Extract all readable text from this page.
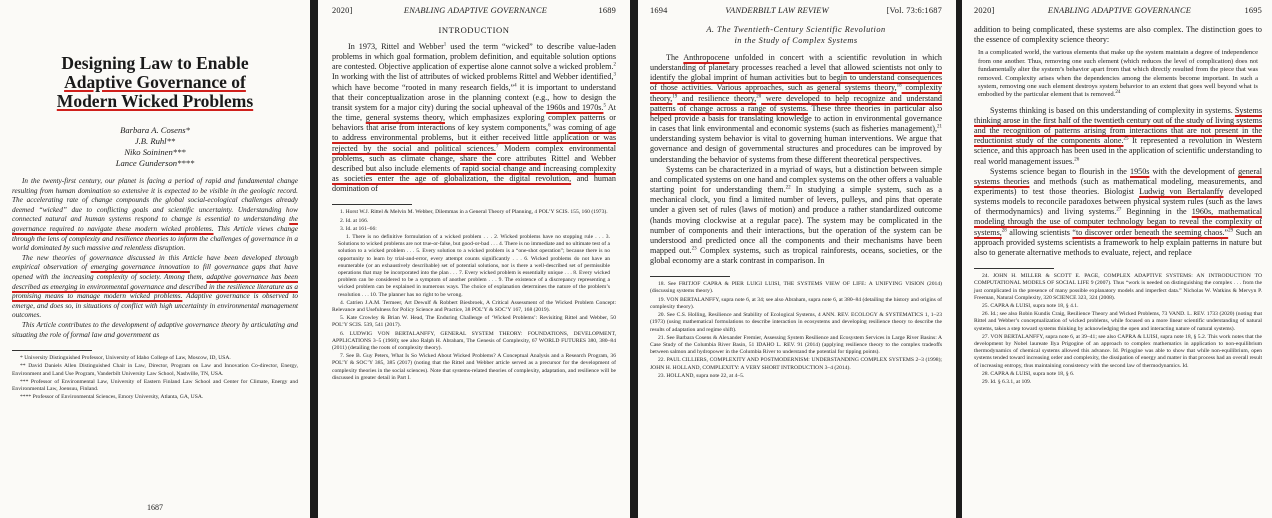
Designing Law to Enable
Adaptive Governance of
Modern Wicked Problems
Barbara A. Cosens*
J.B. Ruhl**
Niko Soininen***
Lance Gunderson****

In the twenty-first century, our planet is facing a period of rapid and fundamental change resulting from human domination so extensive it is expected to be visible in the geologic record. The accelerating rate of change compounds the global social-ecological challenges already deemed “wicked” due to conflicting goals and scientific uncertainty. Understanding how connected natural and human systems respond to change is essential to understanding the governance required to navigate these modern wicked problems. This Article views change through the lens of complexity and resilience theories to inform the challenges of governance in a world dominated by such massive and relentless disruption.

The new theories of governance discussed in this Article have been developed through empirical observation of emerging governance innovation to fill governance gaps that have opened with the increasing complexity of society. Among them, adaptive governance has been described as emerging in environmental governance and described in the resilience literature as a promising means to manage modern wicked problems. Adaptive governance is observed to emerge, and does so, in situations of conflict with high uncertainty in environmental management outcomes.

This Article contributes to the development of adaptive governance theory by articulating and situating the role of formal law and government as

* University Distinguished Professor, University of Idaho College of Law, Moscow, ID, USA.

** David Daniels Allen Distinguished Chair in Law, Director, Program on Law and Innovation Co-director, Energy, Environment and Land Use Program, Vanderbilt University Law School, Nashville, TN, USA.

*** Professor of Environmental Law, University of Eastern Finland Law School and Center for Climate, Energy and Environmental Law, Joensuu, Finland.

**** Professor of Environmental Sciences, Emory University, Atlanta, GA, USA.

1687
2020]	ENABLING ADAPTIVE GOVERNANCE	1689
INTRODUCTION

In 1973, Rittel and Webber$^1$ used the term “wicked” to describe value-laden problems in which goal formation, problem definition, and equitable solution options are contested. Objective application of expertise alone cannot solve a wicked problem.$^2$ In working with the list of attributes of wicked problems Rittel and Webber identified,$^3$ which have become “rooted in many research fields,”$^4$ it is important to understand that their conceptualization arose in the planning context (e.g., how to design the transit system for a major city) during the social upheaval of the 1960s and 1970s.$^5$ At the time, general systems theory, which emphasizes exploring complex patterns or behaviors that arise from interactions of key system components,$^6$ was coming of age to address environmental problems, but it either received little application or was rejected by the social and political sciences.$^7$ Modern complex environmental problems, such as climate change, share the core attributes Rittel and Webber described but also include elements of rapid social change and increasing complexity as societies enter the age of globalization, the digital revolution, and human domination of

1. Horst W.J. Rittel & Melvin M. Webber, Dilemmas in a General Theory of Planning, 4 POL’Y SCIS. 155, 160 (1973).

2. Id. at 166.

3. Id. at 161–66:

1. There is no definitive formulation of a wicked problem . . . 2. Wicked problems have no stopping rule . . . 3. Solutions to wicked problems are not true-or-false, but good-or-bad . . . 4. There is no immediate and no ultimate test of a solution to a wicked problem . . . 5. Every solution to a wicked problem is a “one-shot operation”; because there is no opportunity to learn by trial-and-error, every attempt counts significantly . . . 6. Wicked problems do not have an enumerable (or an exhaustively describable) set of potential solutions, nor is there a well-described set of permissible operations that may be incorporated into the plan . . . 7. Every wicked problem is essentially unique . . . 8. Every wicked problem can be considered to be a symptom of another problem . . . 9. The existence of a discrepancy representing a wicked problem can be explained in numerous ways. The choice of explanation determines the nature of the problem’s resolution . . . 10. The planner has no right to be wrong.

4. Catrien J.A.M. Termeer, Art Dewulf & Robbert Biesbroek, A Critical Assessment of the Wicked Problem Concept: Relevance and Usefulness for Policy Science and Practice, 38 POL’Y & SOC’Y 167, 168 (2019).

5. Kate Crowley & Brian W. Head, The Enduring Challenge of ‘Wicked Problems’: Revisiting Rittel and Webber, 50 POL’Y SCIS. 539, 541 (2017).

6. LUDWIG VON BERTALANFFY, GENERAL SYSTEM THEORY: FOUNDATIONS, DEVELOPMENT, APPLICATIONS 3–5 (1968); see also Ralph H. Abraham, The Genesis of Complexity, 67 WORLD FUTURES 380, 380–84 (2011) (detailing the roots of complexity theory).

7. See B. Guy Peters, What Is So Wicked About Wicked Problems? A Conceptual Analysis and a Research Program, 36 POL’Y & SOC’Y 385, 385 (2017) (noting that the Rittel and Webber article served as a precursor for the development of complexity theories in the social sciences). Note that systems-related theories of complexity, adaptation, and resilience will be discussed in greater detail in Part I.

1694	VANDERBILT LAW REVIEW	[Vol. 73:6:1687
A. The Twentieth-Century Scientific Revolution
in the Study of Complex Systems

The Anthropocene unfolded in concert with a scientific revolution in which understanding of planetary processes reached a level that allowed scientists not only to identify the global imprint of human activities but to begin to understand consequences of those activities. Various approaches, such as general systems theory,$^{18}$ complexity theory,$^{19}$ and resilience theory,$^{20}$ were developed to help recognize and understand patterns of change across a range of systems. These three theories in particular also helped provide a basis for translating knowledge to action in environmental governance in cases that link environmental and economic systems (such as fisheries management),$^{21}$ understanding system behavior is vital to governing human interventions. We argue that governance and design of governmental structures and procedures can be improved by understanding the behavior of systems from these different theoretical perspectives.

Systems can be characterized in a myriad of ways, but a distinction between simple and complicated systems on one hand and complex systems on the other offers a valuable starting point for understanding them.$^{22}$ In studying a simple system, such as a mechanical clock, you find a limited number of levers, pulleys, and pins that operate under a given set of rules (laws of motion) and produce a rather standardized outcome (hands moving clockwise at a regular pace). The system may be complicated in the number of components and their interactions, but the operation of the system can be understood and predicted once all the components and their mechanisms have been mapped out.$^{23}$ Complex systems, such as tropical rainforests, oceans, societies, or the global economy are a stark contrast in comparison. In

18. See FRITJOF CAPRA & PIER LUIGI LUISI, THE SYSTEMS VIEW OF LIFE: A UNIFYING VISION (2014) (discussing systems theory).

19. VON BERTALANFFY, supra note 6, at 34; see also Abraham, supra note 6, at 380–84 (detailing the history and origins of complexity theory).

20. See C.S. Holling, Resilience and Stability of Ecological Systems, 4 ANN. REV. ECOLOGY & SYSTEMATICS 1, 1–23 (1973) (using mathematical formulations to describe interaction in ecosystems and developing resilience theory to describe the results of adaptation and regime shift).

21. See Barbara Cosens & Alexander Fremier, Assessing System Resilience and Ecosystem Services in Large River Basins: A Case Study of the Columbia River Basin, 51 IDAHO L. REV. 91 (2014) (applying resilience theory to the complex tradeoffs between salmon and hydropower in the Columbia River to understand the potential for tipping points).

22. PAUL CILLIERS, COMPLEXITY AND POSTMODERNISM: UNDERSTANDING COMPLEX SYSTEMS 2–3 (1998); JOHN H. HOLLAND, COMPLEXITY: A VERY SHORT INTRODUCTION 3–4 (2014).

23. HOLLAND, supra note 22, at 4–5.

2020]	ENABLING ADAPTIVE GOVERNANCE	1695

addition to being complicated, these systems are also complex. The distinction goes to the essence of complexity science theory:

In a complicated world, the various elements that make up the system maintain a degree of independence from one another. Thus, removing one such element (which reduces the level of complication) does not fundamentally alter the system’s behavior apart from that which directly resulted from the piece that was removed. Complexity arises when the dependencies among the elements become important. In such a system, removing one such element destroys system behavior to an extent that goes well beyond what is embodied by the particular element that is removed.$^{24}$

Systems thinking is based on this understanding of complexity in systems. Systems thinking arose in the first half of the twentieth century out of the study of living systems and the recognition of patterns arising from interactions that are not present in the reductionist study of the components alone.$^{25}$ It represented a revolution in Western science, and this approach has been used in the application of scientific understanding to real world management issues.$^{26}$

Systems science began to flourish in the 1950s with the development of general systems theories and methods (such as mathematical modeling, measurements, and experiments) to test those theories. Biologist Ludwig von Bertalanffy developed systems models to reconcile paradoxes between physical system rules (such as the laws of thermodynamics) and living systems.$^{27}$ Beginning in the 1960s, mathematical modeling through the use of computer technology began to reveal the complexity of systems,$^{28}$ allowing scientists “to discover order beneath the seeming chaos.”$^{29}$ Such an approach provided systems scientists a framework to help explain patterns in nature but also to generate alternative methods to evaluate, reject, and replace

24. JOHN H. MILLER & SCOTT E. PAGE, COMPLEX ADAPTIVE SYSTEMS: AN INTRODUCTION TO COMPUTATIONAL MODELS OF SOCIAL LIFE 9 (2007). Thus “work is needed on distinguishing the complex . . . from the just complicated in the presence of many possible explanatory models and imperfect data.” Nicholas W. Watkins & Mervyn P. Freeman, Natural Complexity, 320 SCIENCE 323, 324 (2008).

25. CAPRA & LUISI, supra note 18, § 4.1.

26. Id.; see also Robin Kundis Craig, Resilience Theory and Wicked Problems, 73 VAND. L. REV. 1733 (2020) (noting that Rittel and Webber’s conceptualization of wicked problems, while focused on a more linear scientific understanding of natural systems, takes a step toward systems thinking by acknowledging the open and interacting nature of natural systems).

27. VON BERTALANFFY, supra note 6, at 39–41; see also CAPRA & LUISI, supra note 18, § 5.2. This work notes that the development by Nobel laureate Ilya Prigogine of an approach to complex mathematics in application to non-equilibrium thermodynamics of chemical systems allowed this advance. Id. Prigogine was able to show that while non-equilibrium, open systems tended toward increasing order and complexity, the dissipation of energy and matter in that process had an overall result of increasing entropy, thus maintaining consistency with the second law of thermodynamics. Id.

28. CAPRA & LUISI, supra note 18, § 6.

29. Id. § 6.3.1, at 109.
